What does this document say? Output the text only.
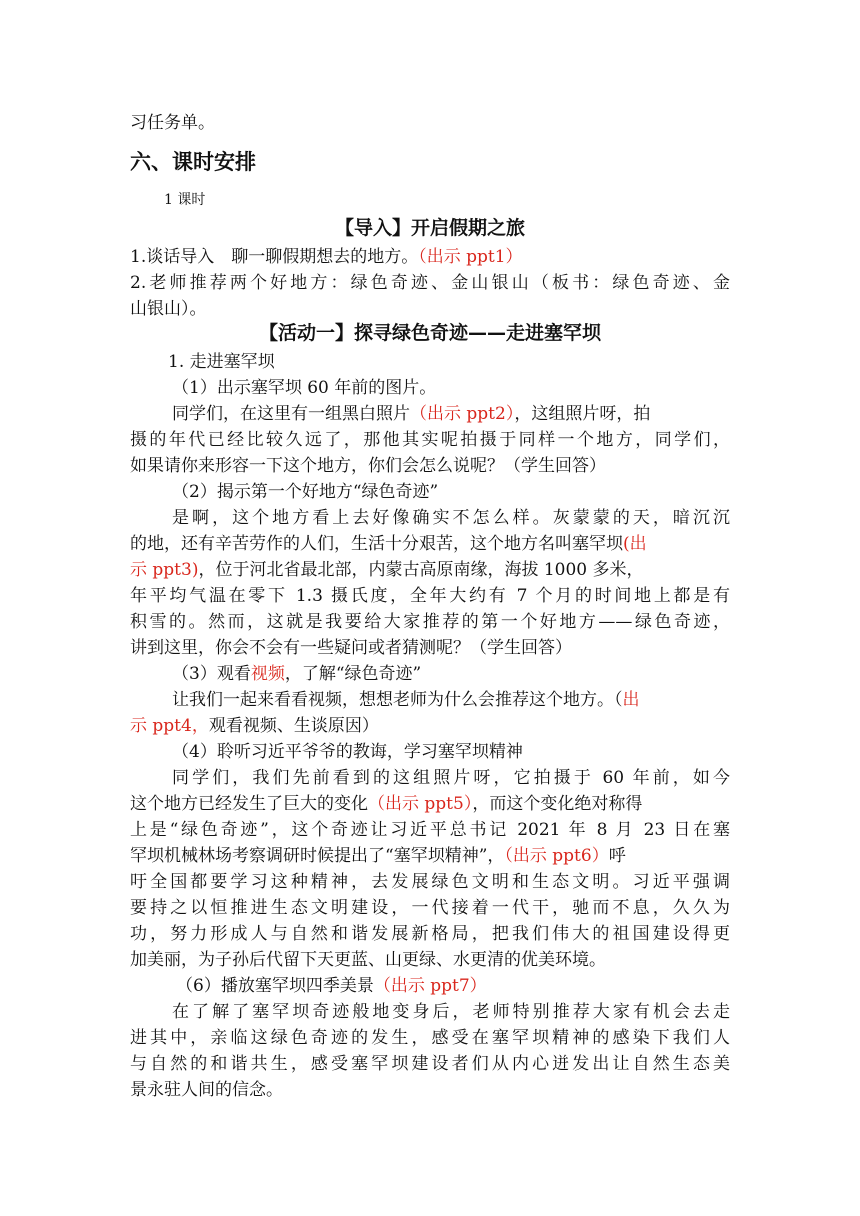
习任务单。
六、课时安排
1 课时
【导入】开启假期之旅
1.谈话导入　聊一聊假期想去的地方。（出示 ppt1）
2.老师推荐两个好地方：绿色奇迹、金山银山（板书：绿色奇迹、金
山银山）。
【活动一】探寻绿色奇迹——走进塞罕坝
1. 走进塞罕坝
（1）出示塞罕坝 60 年前的图片。
同学们，在这里有一组黑白照片（出示 ppt2），这组照片呀，拍
摄的年代已经比较久远了，那他其实呢拍摄于同样一个地方，同学们，
如果请你来形容一下这个地方，你们会怎么说呢？（学生回答）
（2）揭示第一个好地方“绿色奇迹”
是啊，这个地方看上去好像确实不怎么样。灰蒙蒙的天，暗沉沉
的地，还有辛苦劳作的人们，生活十分艰苦，这个地方名叫塞罕坝(出
示 ppt3)，位于河北省最北部，内蒙古高原南缘，海拔 1000 多米，
年平均气温在零下 1.3 摄氏度，全年大约有 7 个月的时间地上都是有
积雪的。然而，这就是我要给大家推荐的第一个好地方——绿色奇迹，
讲到这里，你会不会有一些疑问或者猜测呢？（学生回答）
（3）观看视频，了解“绿色奇迹”
让我们一起来看看视频，想想老师为什么会推荐这个地方。（出
示 ppt4，观看视频、生谈原因）
（4）聆听习近平爷爷的教诲，学习塞罕坝精神
同学们，我们先前看到的这组照片呀，它拍摄于 60 年前，如今
这个地方已经发生了巨大的变化（出示 ppt5），而这个变化绝对称得
上是“绿色奇迹”，这个奇迹让习近平总书记 2021 年 8 月 23 日在塞
罕坝机械林场考察调研时候提出了“塞罕坝精神”，（出示 ppt6）呼
吁全国都要学习这种精神，去发展绿色文明和生态文明。习近平强调
要持之以恒推进生态文明建设，一代接着一代干，驰而不息，久久为
功，努力形成人与自然和谐发展新格局，把我们伟大的祖国建设得更
加美丽，为子孙后代留下天更蓝、山更绿、水更清的优美环境。
（6）播放塞罕坝四季美景（出示 ppt7）
在了解了塞罕坝奇迹般地变身后，老师特别推荐大家有机会去走
进其中，亲临这绿色奇迹的发生，感受在塞罕坝精神的感染下我们人
与自然的和谐共生，感受塞罕坝建设者们从内心迸发出让自然生态美
景永驻人间的信念。
